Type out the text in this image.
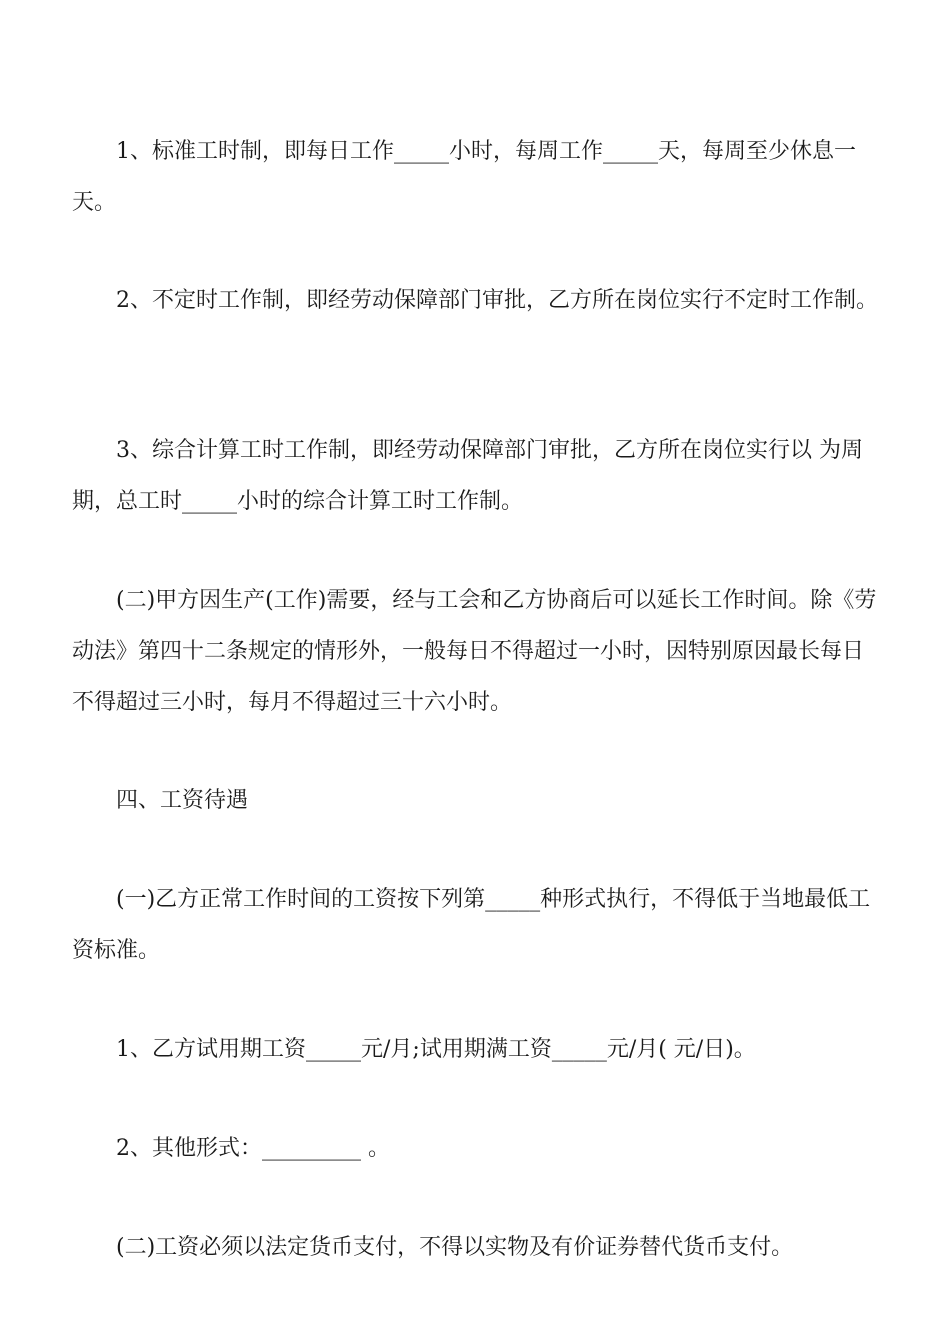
1、标准工时制，即每日工作_____小时，每周工作_____天，每周至少休息一天。

2、不定时工作制，即经劳动保障部门审批，乙方所在岗位实行不定时工作制。

3、综合计算工时工作制，即经劳动保障部门审批，乙方所在岗位实行以 为周期，总工时_____小时的综合计算工时工作制。

(二)甲方因生产(工作)需要，经与工会和乙方协商后可以延长工作时间。除《劳动法》第四十二条规定的情形外，一般每日不得超过一小时，因特别原因最长每日不得超过三小时，每月不得超过三十六小时。

四、工资待遇

(一)乙方正常工作时间的工资按下列第_____种形式执行，不得低于当地最低工资标准。

1、乙方试用期工资_____元/月;试用期满工资_____元/月( 元/日)。

2、其他形式：_________ 。

(二)工资必须以法定货币支付，不得以实物及有价证券替代货币支付。
